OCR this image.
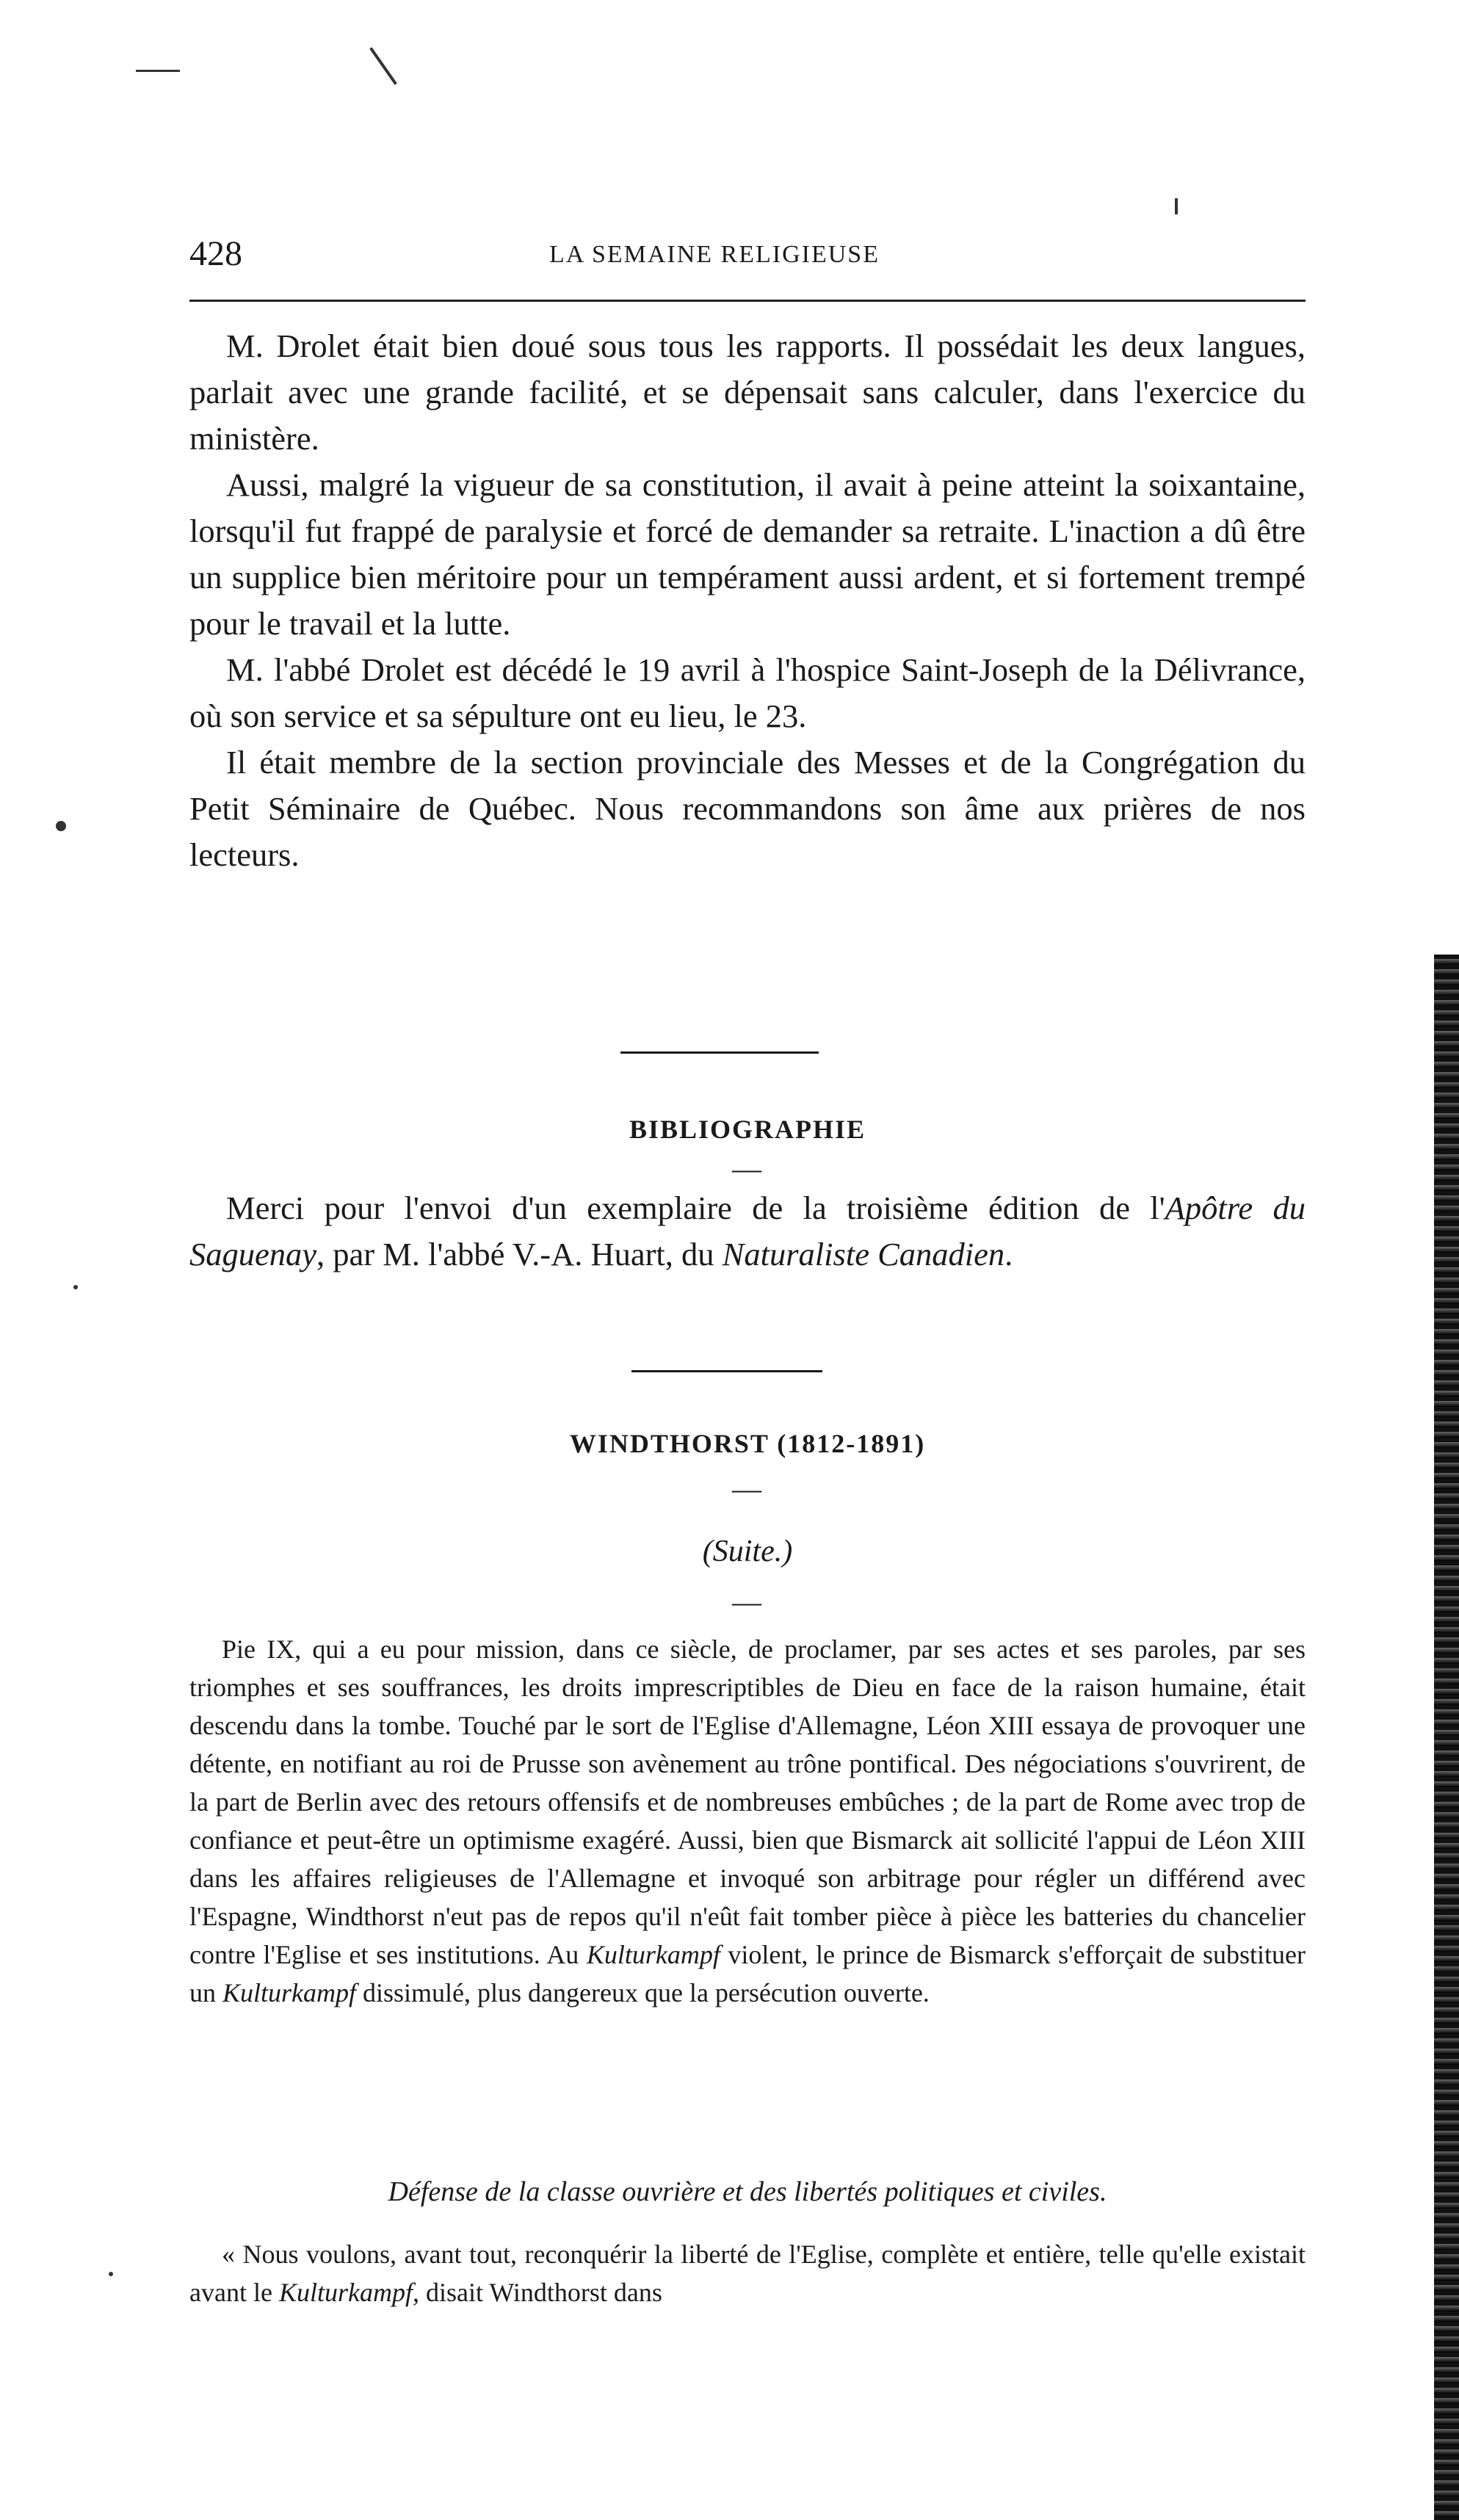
428	LA SEMAINE RELIGIEUSE

M. Drolet était bien doué sous tous les rapports. Il possédait les deux langues, parlait avec une grande facilité, et se dépensait sans calculer, dans l'exercice du ministère.

Aussi, malgré la vigueur de sa constitution, il avait à peine atteint la soixantaine, lorsqu'il fut frappé de paralysie et forcé de demander sa retraite. L'inaction a dû être un supplice bien méritoire pour un tempérament aussi ardent, et si fortement trempé pour le travail et la lutte.

M. l'abbé Drolet est décédé le 19 avril à l'hospice Saint-Joseph de la Délivrance, où son service et sa sépulture ont eu lieu, le 23.

Il était membre de la section provinciale des Messes et de la Congrégation du Petit Séminaire de Québec. Nous recommandons son âme aux prières de nos lecteurs.

BIBLIOGRAPHIE
—

Merci pour l'envoi d'un exemplaire de la troisième édition de l'Apôtre du Saguenay, par M. l'abbé V.-A. Huart, du Naturaliste Canadien.

WINDTHORST (1812-1891)
—
(Suite.)
—

Pie IX, qui a eu pour mission, dans ce siècle, de proclamer, par ses actes et ses paroles, par ses triomphes et ses souffrances, les droits imprescriptibles de Dieu en face de la raison humaine, était descendu dans la tombe. Touché par le sort de l'Eglise d'Allemagne, Léon XIII essaya de provoquer une détente, en notifiant au roi de Prusse son avènement au trône pontifical. Des négociations s'ouvrirent, de la part de Berlin avec des retours offensifs et de nombreuses embûches ; de la part de Rome avec trop de confiance et peut-être un optimisme exagéré. Aussi, bien que Bismarck ait sollicité l'appui de Léon XIII dans les affaires religieuses de l'Allemagne et invoqué son arbitrage pour régler un différend avec l'Espagne, Windthorst n'eut pas de repos qu'il n'eût fait tomber pièce à pièce les batteries du chancelier contre l'Eglise et ses institutions. Au Kulturkampf violent, le prince de Bismarck s'efforçait de substituer un Kulturkampf dissimulé, plus dangereux que la persécution ouverte.

Défense de la classe ouvrière et des libertés politiques et civiles.

« Nous voulons, avant tout, reconquérir la liberté de l'Eglise, complète et entière, telle qu'elle existait avant le Kulturkampf, disait Windthorst dans
